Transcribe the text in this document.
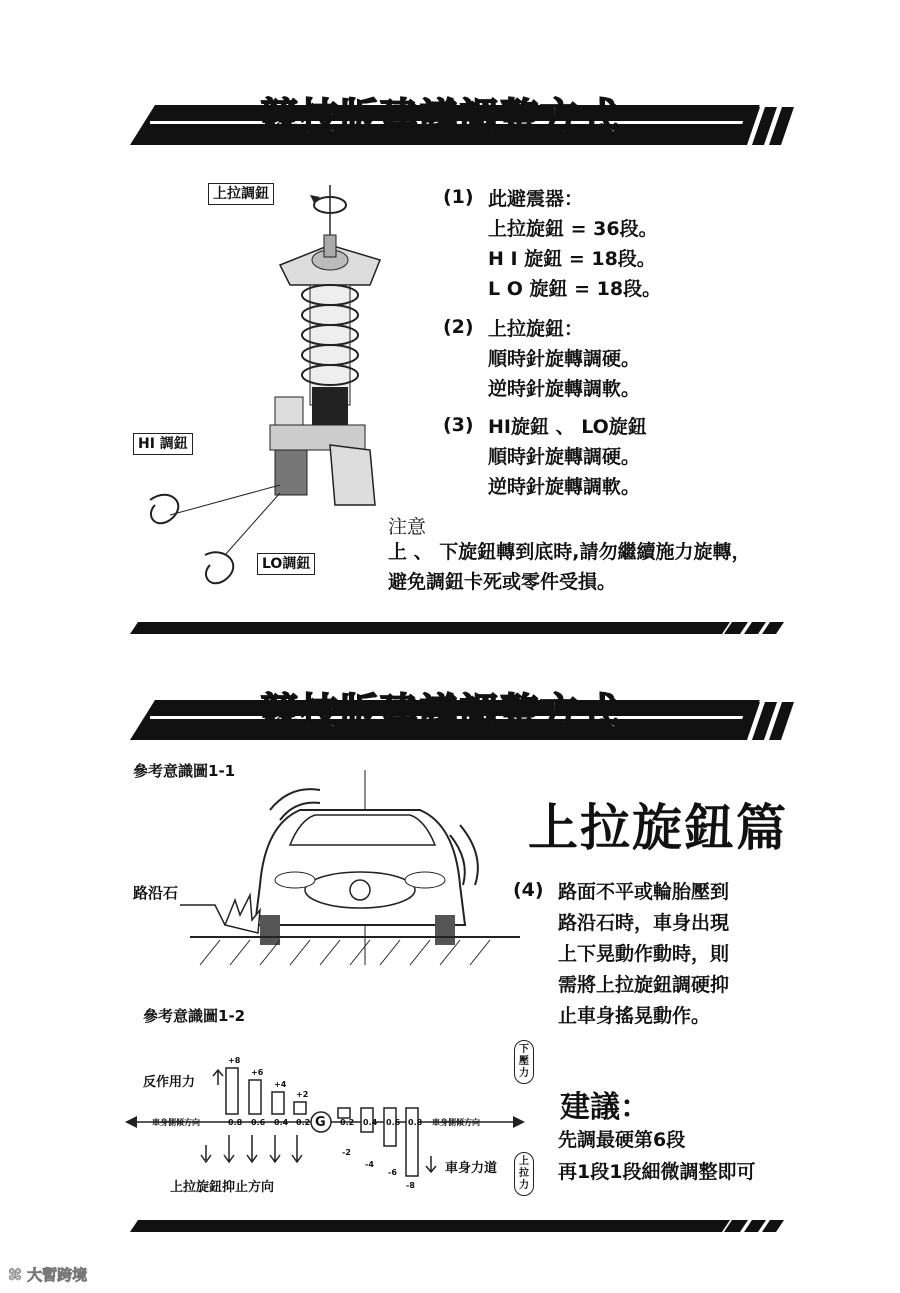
競技版建議調整方式
上拉調鈕
HI 調鈕
LO調鈕
(1) 此避震器：
上拉旋鈕 = 36段。
H I 旋鈕 = 18段。
L O 旋鈕 = 18段。
(2) 上拉旋鈕：
順時針旋轉調硬。
逆時針旋轉調軟。
(3) HI旋鈕 、 LO旋鈕
順時針旋轉調硬。
逆時針旋轉調軟。
注意
上 、 下旋鈕轉到底時,請勿繼續施力旋轉，
避免調鈕卡死或零件受損。
競技版建議調整方式
參考意識圖1-1
路沿石
上拉旋鈕篇
(4) 路面不平或輪胎壓到
路沿石時，車身出現
上下晃動作動時，則
需將上拉旋鈕調硬抑
止車身搖晃動作。
參考意識圖1-2
反作用力
車身側傾方向	車身側傾方向
G
+8
+6
+4
+2
0.8 0.6 0.4 0.2	0.2 0.4 0.6 0.8
-2
-4
-6
-8
上拉旋鈕抑止方向
車身力道
下壓力
上拉力
建議：
先調最硬第6段
再1段1段細微調整即可
⌘ 大暫跨境
